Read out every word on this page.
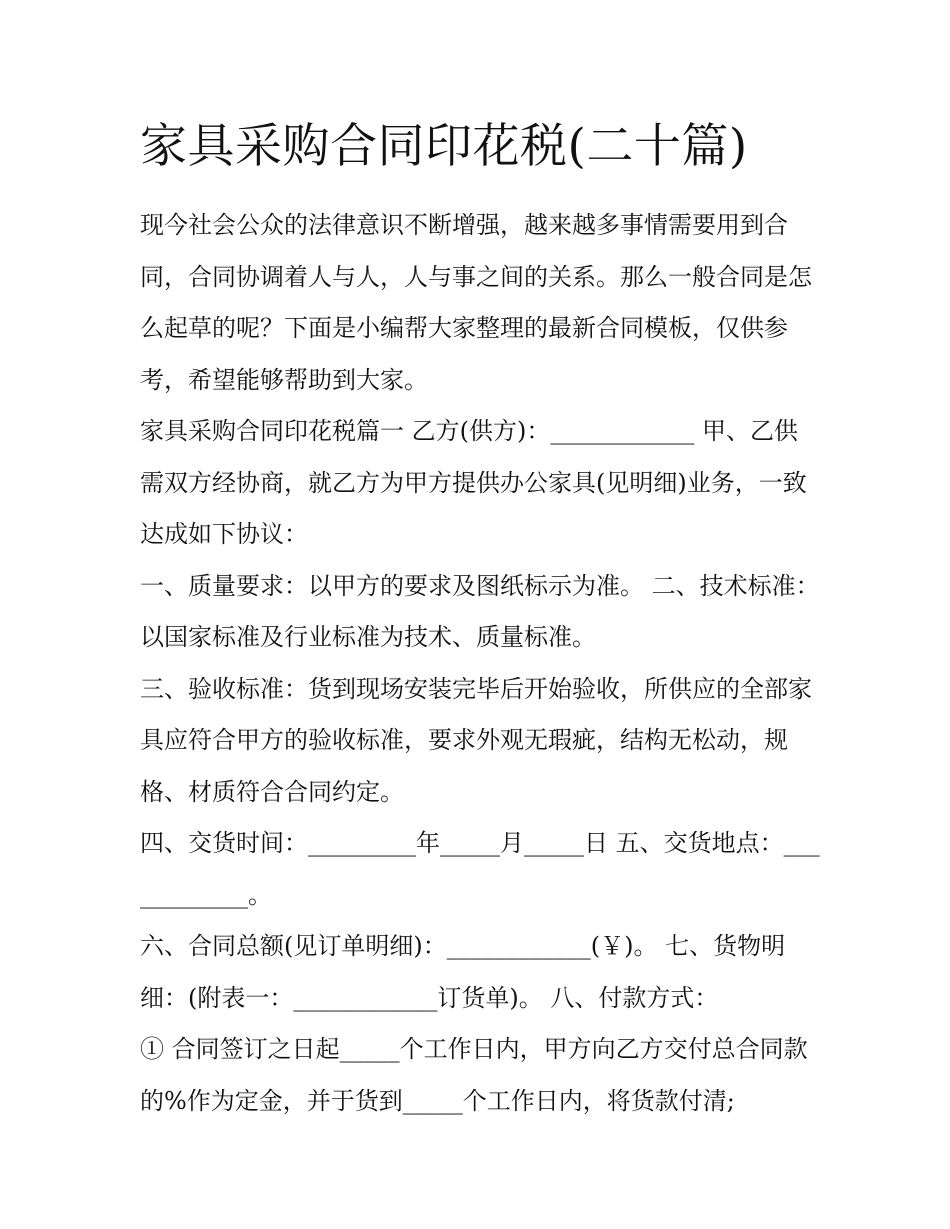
家具采购合同印花税(二十篇)

现今社会公众的法律意识不断增强，越来越多事情需要用到合同，合同协调着人与人，人与事之间的关系。那么一般合同是怎么起草的呢？下面是小编帮大家整理的最新合同模板，仅供参考，希望能够帮助到大家。

家具采购合同印花税篇一 乙方(供方)：____________ 甲、乙供需双方经协商，就乙方为甲方提供办公家具(见明细)业务，一致达成如下协议：

一、质量要求：以甲方的要求及图纸标示为准。 二、技术标准：以国家标准及行业标准为技术、质量标准。

三、验收标准：货到现场安装完毕后开始验收，所供应的全部家具应符合甲方的验收标准，要求外观无瑕疵，结构无松动，规格、材质符合合同约定。

四、交货时间：_________年_____月_____日 五、交货地点：____________。

六、合同总额(见订单明细)：____________(￥)。 七、货物明细：(附表一：____________订货单)。 八、付款方式：

① 合同签订之日起_____个工作日内，甲方向乙方交付总合同款的%作为定金，并于货到_____个工作日内，将货款付清;
